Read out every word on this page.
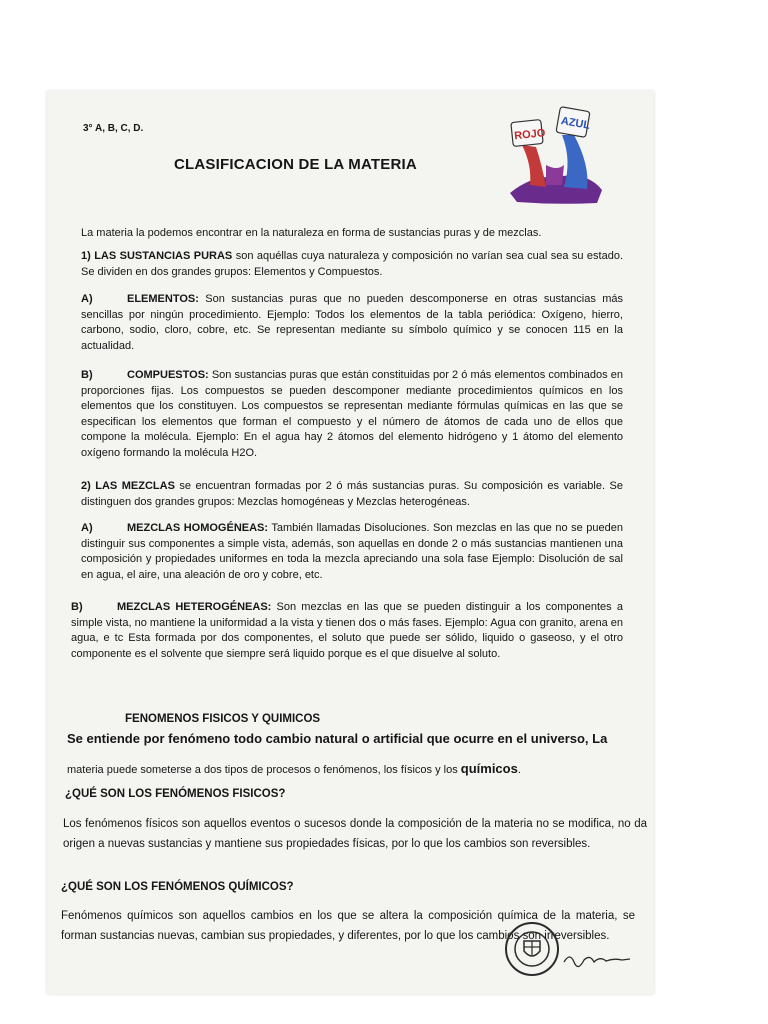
3° A, B, C, D.
CLASIFICACION DE LA MATERIA
ROJO
AZUL

La materia la podemos encontrar en la naturaleza en forma de sustancias puras y de mezclas.

1) LAS SUSTANCIAS PURAS son aquéllas cuya naturaleza y composición no varían sea cual sea su estado. Se dividen en dos grandes grupos: Elementos y Compuestos.

A)	ELEMENTOS: Son sustancias puras que no pueden descomponerse en otras sustancias más sencillas por ningún procedimiento. Ejemplo: Todos los elementos de la tabla periódica: Oxígeno, hierro, carbono, sodio, cloro, cobre, etc. Se representan mediante su símbolo químico y se conocen 115 en la actualidad.

B)	COMPUESTOS: Son sustancias puras que están constituidas por 2 ó más elementos combinados en proporciones fijas. Los compuestos se pueden descomponer mediante procedimientos químicos en los elementos que los constituyen. Los compuestos se representan mediante fórmulas químicas en las que se especifican los elementos que forman el compuesto y el número de átomos de cada uno de ellos que compone la molécula. Ejemplo: En el agua hay 2 átomos del elemento hidrógeno y 1 átomo del elemento oxígeno formando la molécula H2O.

2) LAS MEZCLAS se encuentran formadas por 2 ó más sustancias puras. Su composición es variable. Se distinguen dos grandes grupos: Mezclas homogéneas y Mezclas heterogéneas.

A)	MEZCLAS HOMOGÉNEAS: También llamadas Disoluciones. Son mezclas en las que no se pueden distinguir sus componentes a simple vista, además, son aquellas en donde 2 o más sustancias mantienen una composición y propiedades uniformes en toda la mezcla apreciando una sola fase Ejemplo: Disolución de sal en agua, el aire, una aleación de oro y cobre, etc.

B)	MEZCLAS HETEROGÉNEAS: Son mezclas en las que se pueden distinguir a los componentes a simple vista, no mantiene la uniformidad a la vista y tienen dos o más fases. Ejemplo: Agua con granito, arena en agua, e tc Esta formada por dos componentes, el soluto que puede ser sólido, liquido o gaseoso, y el otro componente es el solvente que siempre será liquido porque es el que disuelve al soluto.

FENOMENOS FISICOS Y QUIMICOS

Se entiende por fenómeno todo cambio natural o artificial que ocurre en el universo, La

materia puede someterse a dos tipos de procesos o fenómenos, los físicos y los químicos.

¿QUÉ SON LOS FENÓMENOS FISICOS?

Los fenómenos físicos son aquellos eventos o sucesos donde la composición de la materia no se modifica, no da origen a nuevas sustancias y mantiene sus propiedades físicas, por lo que los cambios son reversibles.

¿QUÉ SON LOS FENÓMENOS QUÍMICOS?

Fenómenos químicos son aquellos cambios en los que se altera la composición química de la materia, se forman sustancias nuevas, cambian sus propiedades, y diferentes, por lo que los cambios son irreversibles.
